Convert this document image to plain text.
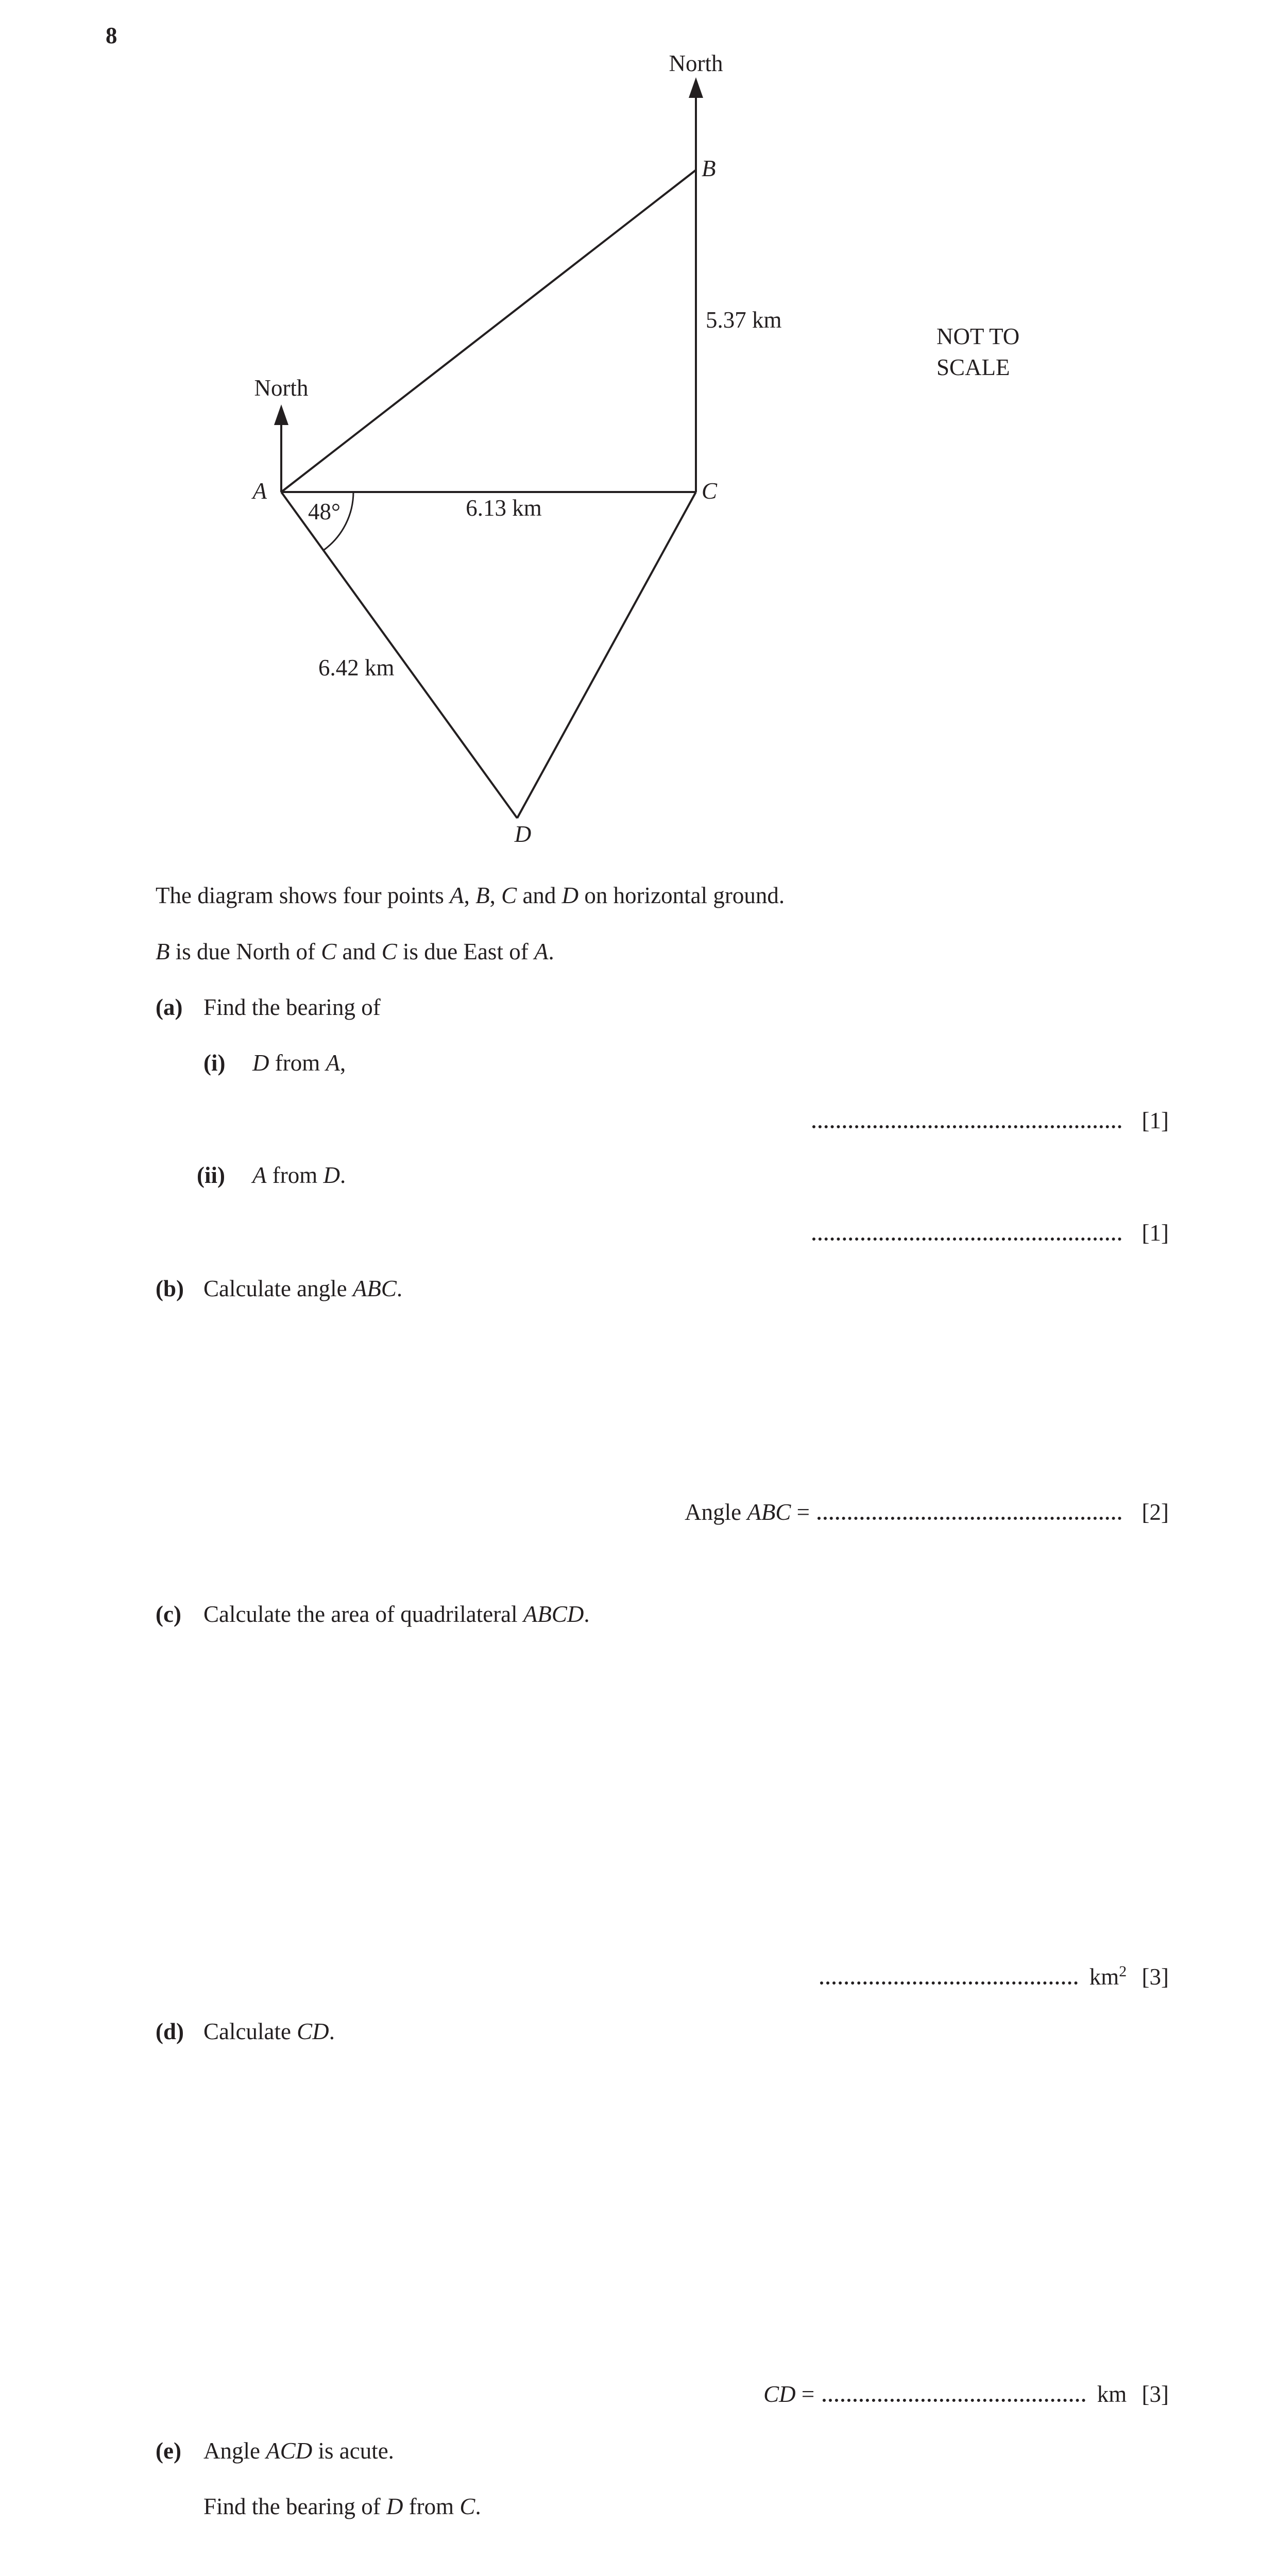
8
North
North
A
B
C
D
5.37 km
6.13 km
6.42 km
48°
NOT TO
SCALE
The diagram shows four points A, B, C and D on horizontal ground.
B is due North of C and C is due East of A.
(a) Find the bearing of
(i) D from A,
[1]
(ii) A from D.
[1]
(b) Calculate angle ABC.
Angle ABC =	[2]
(c) Calculate the area of quadrilateral ABCD.
$km^2$ [3]
(d) Calculate CD.
CD =	km [3]
(e) Angle ACD is acute.
Find the bearing of D from C.
